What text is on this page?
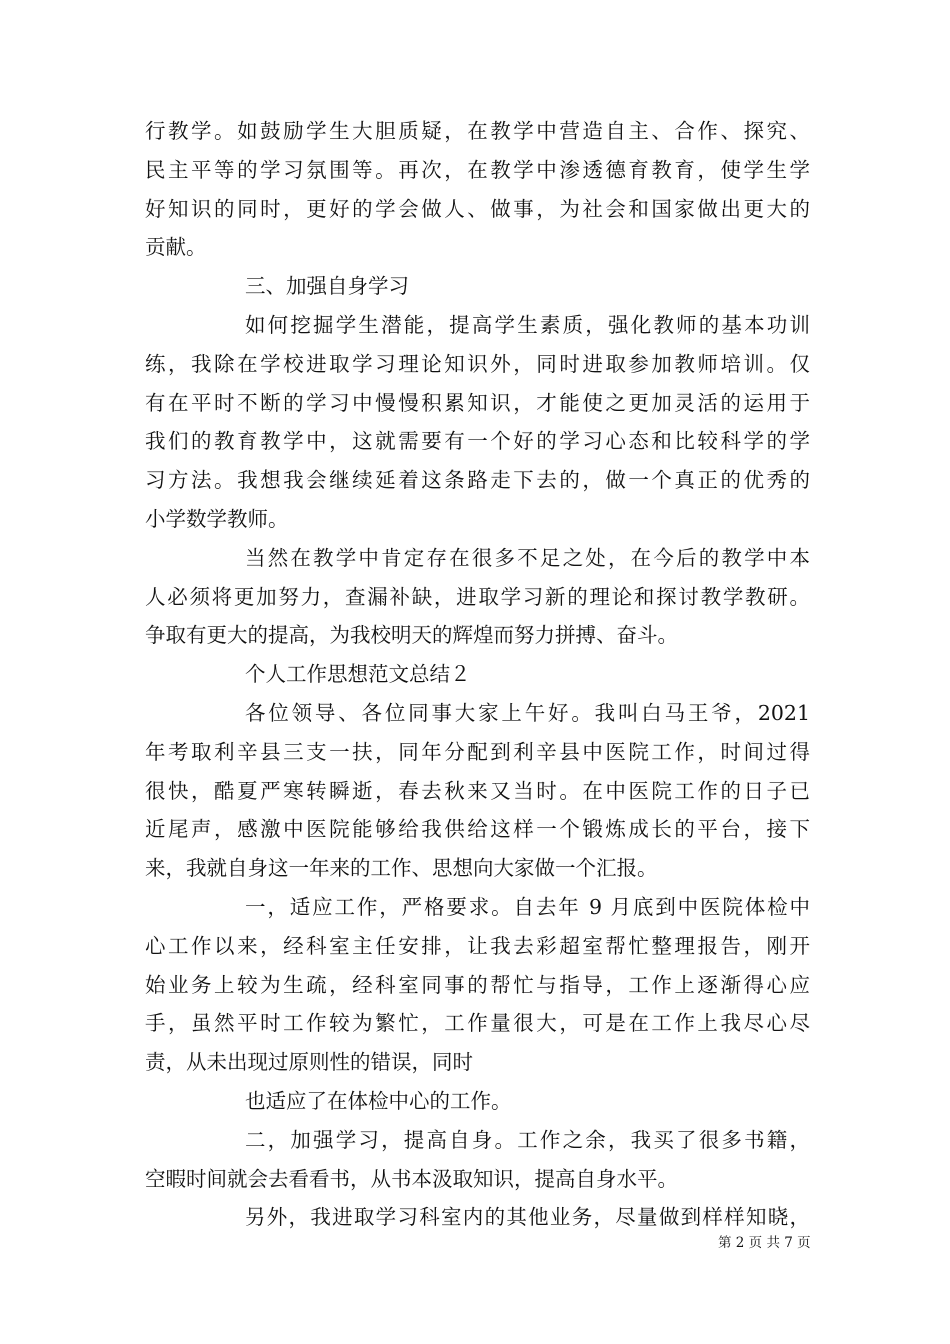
行教学。如鼓励学生大胆质疑，在教学中营造自主、合作、探究、
民主平等的学习氛围等。再次，在教学中渗透德育教育，使学生学
好知识的同时，更好的学会做人、做事，为社会和国家做出更大的
贡献。
三、加强自身学习
如何挖掘学生潜能，提高学生素质，强化教师的基本功训
练，我除在学校进取学习理论知识外，同时进取参加教师培训。仅
有在平时不断的学习中慢慢积累知识，才能使之更加灵活的运用于
我们的教育教学中，这就需要有一个好的学习心态和比较科学的学
习方法。我想我会继续延着这条路走下去的，做一个真正的优秀的
小学数学教师。
当然在教学中肯定存在很多不足之处，在今后的教学中本
人必须将更加努力，查漏补缺，进取学习新的理论和探讨教学教研。
争取有更大的提高，为我校明天的辉煌而努力拼搏、奋斗。
个人工作思想范文总结２
各位领导、各位同事大家上午好。我叫白马王爷，2021
年考取利辛县三支一扶，同年分配到利辛县中医院工作，时间过得
很快，酷夏严寒转瞬逝，春去秋来又当时。在中医院工作的日子已
近尾声，感激中医院能够给我供给这样一个锻炼成长的平台，接下
来，我就自身这一年来的工作、思想向大家做一个汇报。
一，适应工作，严格要求。自去年 9 月底到中医院体检中
心工作以来，经科室主任安排，让我去彩超室帮忙整理报告，刚开
始业务上较为生疏，经科室同事的帮忙与指导，工作上逐渐得心应
手，虽然平时工作较为繁忙，工作量很大，可是在工作上我尽心尽
责，从未出现过原则性的错误，同时
也适应了在体检中心的工作。
二，加强学习，提高自身。工作之余，我买了很多书籍，
空暇时间就会去看看书，从书本汲取知识，提高自身水平。
另外，我进取学习科室内的其他业务，尽量做到样样知晓，
第 2 页 共 7 页
